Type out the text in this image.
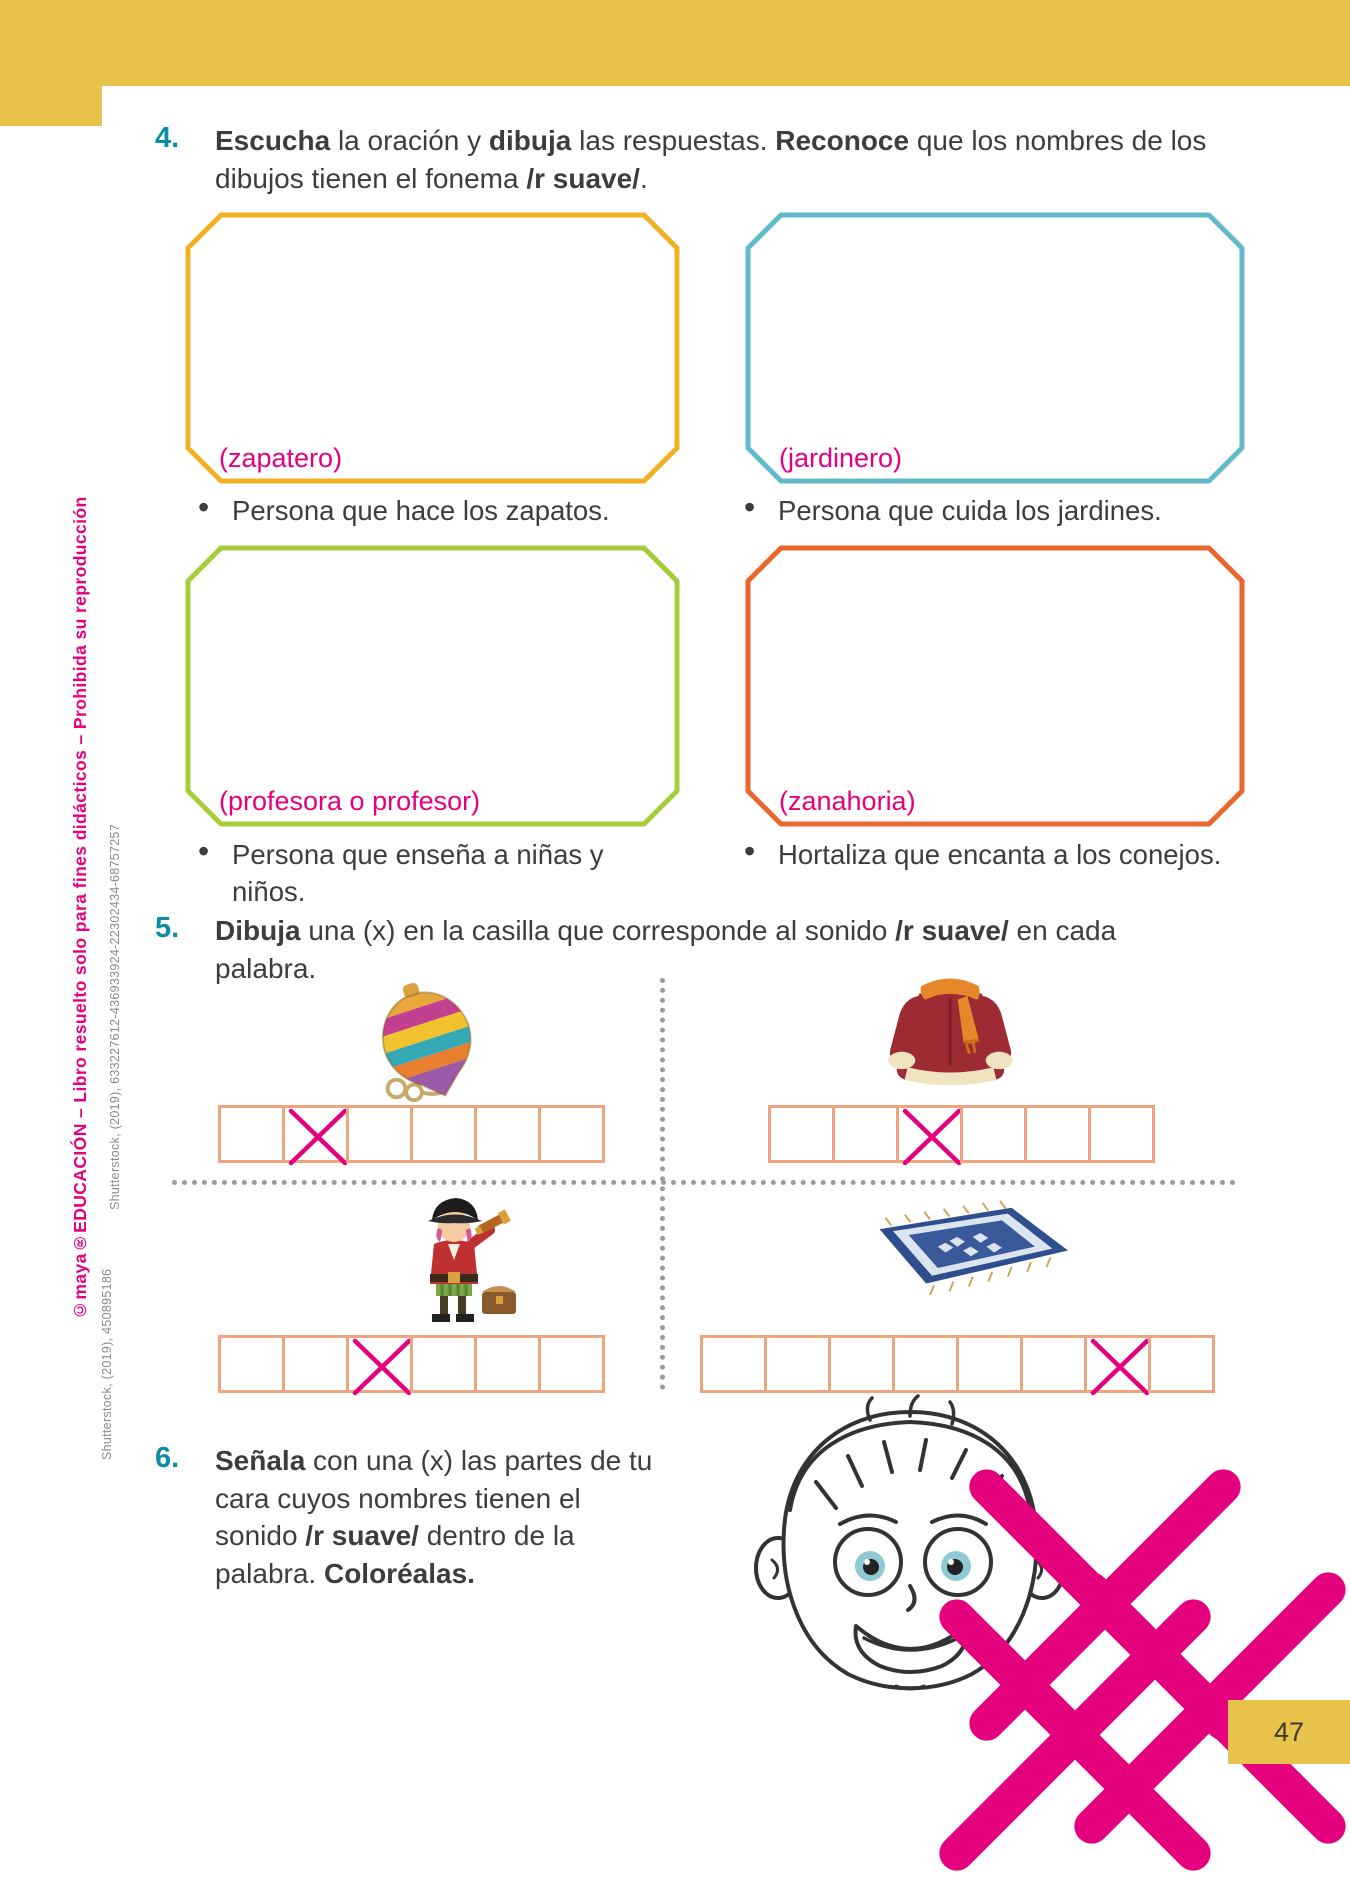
©maya®EDUCACIÓN – Libro resuelto solo para fines didácticos – Prohibida su reproducción Shutterstock, (2019), 633227612-436933924-22302434-68757257
Shutterstock, (2019), 450895186
4. Escucha la oración y dibuja las respuestas. Reconoce que los nombres de los dibujos tienen el fonema /r suave/.
(zapatero)	(jardinero)
• Persona que hace los zapatos.	• Persona que cuida los jardines.
(profesora o profesor)	(zanahoria)
• Persona que enseña a niñas y niños.
• Hortaliza que encanta a los conejos.
5. Dibuja una (x) en la casilla que corresponde al sonido /r suave/ en cada palabra.
6. Señala con una (x) las partes de tu cara cuyos nombres tienen el sonido /r suave/ dentro de la palabra. Coloréalas.
47
